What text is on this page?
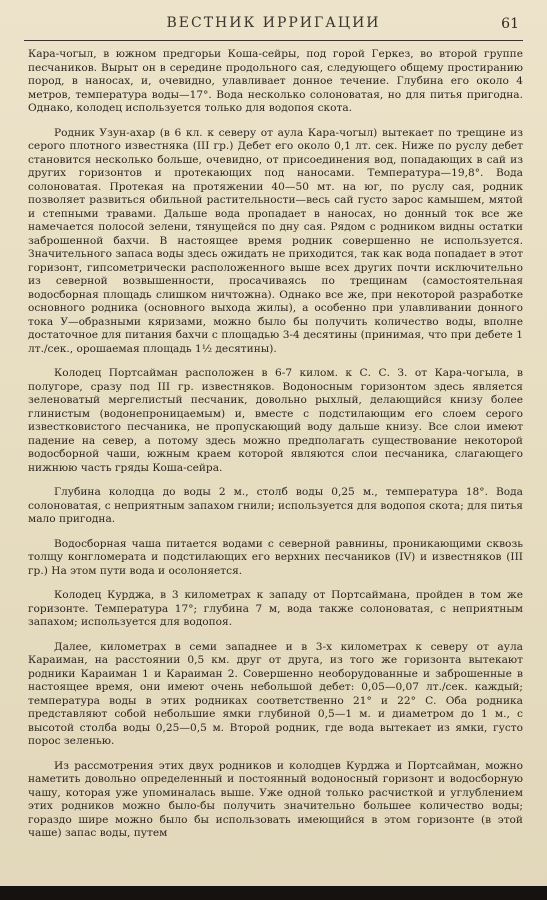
ВЕСТНИК ИРРИГАЦИИ	61

Кара-чогыл, в южном предгорьи Коша-сейры, под горой Геркез, во второй группе песчаников. Вырыт он в середине продольного сая, следующего общему простиранию пород, в наносах, и, очевидно, улавливает донное течение. Глубина его около 4 метров, температура воды—17°. Вода несколько солоноватая, но для питья пригодна. Однако, колодец используется только для водопоя скота.

Родник Узун-ахар (в 6 кл. к северу от аула Кара-чогыл) вытекает по трещине из серого плотного известняка (III гр.) Дебет его около 0,1 лт. сек. Ниже по руслу дебет становится несколько больше, очевидно, от присоединения вод, попадающих в сай из других горизонтов и протекающих под наносами. Температура—19,8°. Вода солоноватая. Протекая на протяжении 40—50 мт. на юг, по руслу сая, родник позволяет развиться обильной растительности—весь сай густо зарос камышем, мятой и степными травами. Дальше вода пропадает в наносах, но донный ток все же намечается полосой зелени, тянущейся по дну сая. Рядом с родником видны остатки заброшенной бахчи. В настоящее время родник совершенно не используется. Значительного запаса воды здесь ожидать не приходится, так как вода попадает в этот горизонт, гипсометрически расположенного выше всех других почти исключительно из северной возвышенности, просачиваясь по трещинам (самостоятельная водосборная площадь слишком ничтожна). Однако все же, при некоторой разработке основного родника (основного выхода жилы), а особенно при улавливании донного тока У—образными кяризами, можно было бы получить количество воды, вполне достаточное для питания бахчи с площадью 3-4 десятины (принимая, что при дебете 1 лт./сек., орошаемая площадь 1½ десятины).

Колодец Портсайман расположен в 6-7 килом. к С. С. З. от Кара-чогыла, в полугоре, сразу под III гр. известняков. Водоносным горизонтом здесь является зеленоватый мергелистый песчаник, довольно рыхлый, делающийся книзу более глинистым (водонепроницаемым) и, вместе с подстилающим его слоем серого известковистого песчаника, не пропускающий воду дальше книзу. Все слои имеют падение на север, а потому здесь можно предполагать существование некоторой водосборной чаши, южным краем которой являются слои песчаника, слагающего нижнюю часть гряды Коша-сейра.

Глубина колодца до воды 2 м., столб воды 0,25 м., температура 18°. Вода солоноватая, с неприятным запахом гнили; используется для водопоя скота; для питья мало пригодна.

Водосборная чаша питается водами с северной равнины, проникающими сквозь толщу конгломерата и подстилающих его верхних песчаников (IV) и известняков (III гр.) На этом пути вода и осолоняется.

Колодец Курджа, в 3 километрах к западу от Портсаймана, пройден в том же горизонте. Температура 17°; глубина 7 м, вода также солоноватая, с неприятным запахом; используется для водопоя.

Далее, километрах в семи западнее и в 3-х километрах к северу от аула Караиман, на расстоянии 0,5 км. друг от друга, из того же горизонта вытекают родники Караиман 1 и Караиман 2. Совершенно необорудованные и заброшенные в настоящее время, они имеют очень небольшой дебет: 0,05—0,07 лт./сек. каждый; температура воды в этих родниках соответственно 21° и 22° С. Оба родника представляют собой небольшие ямки глубиной 0,5—1 м. и диаметром до 1 м., с высотой столба воды 0,25—0,5 м. Второй родник, где вода вытекает из ямки, густо порос зеленью.

Из рассмотрения этих двух родников и колодцев Курджа и Портсайман, можно наметить довольно определенный и постоянный водоносный горизонт и водосборную чашу, которая уже упоминалась выше. Уже одной только расчисткой и углублением этих родников можно было-бы получить значительно большее количество воды; гораздо шире можно было бы использовать имеющийся в этом горизонте (в этой чаше) запас воды, путем
